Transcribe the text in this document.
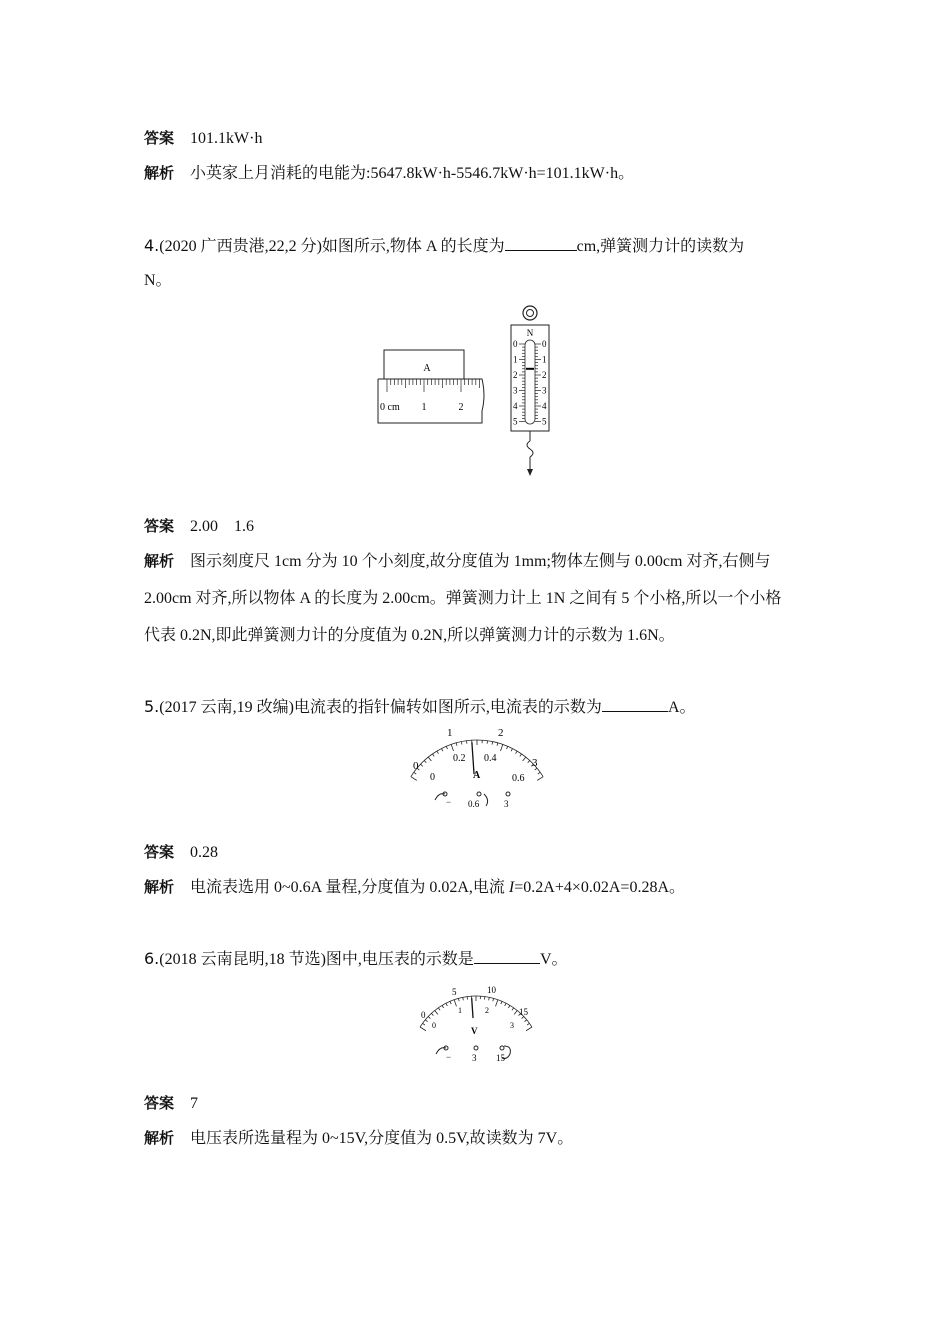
答案 101.1kW·h
解析 小英家上月消耗的电能为:5647.8kW·h-5546.7kW·h=101.1kW·h。
4.(2020 广西贵港,22,2 分)如图所示,物体 A 的长度为	cm,弹簧测力计的读数为
N。
A
0 cm 1	2
N
0	0
1	1
2	2
3	3
4	4
5	5
答案 2.00　1.6
解析 图示刻度尺 1cm 分为 10 个小刻度,故分度值为 1mm;物体左侧与 0.00cm 对齐,右侧与
2.00cm 对齐,所以物体 A 的长度为 2.00cm。弹簧测力计上 1N 之间有 5 个小格,所以一个小格
代表 0.2N,即此弹簧测力计的分度值为 0.2N,所以弹簧测力计的示数为 1.6N。
5.(2017 云南,19 改编)电流表的指针偏转如图所示,电流表的示数为	A。
0
1	2
3
0
0.2 0.4
0.6
A
− 0.6	3
答案 0.28
解析 电流表选用 0~0.6A 量程,分度值为 0.02A,电流 I=0.2A+4×0.02A=0.28A。
6.(2018 云南昆明,18 节选)图中,电压表的示数是	V。
0
5	10
15
0
1	2
3
V
− 3 15
答案 7
解析 电压表所选量程为 0~15V,分度值为 0.5V,故读数为 7V。
